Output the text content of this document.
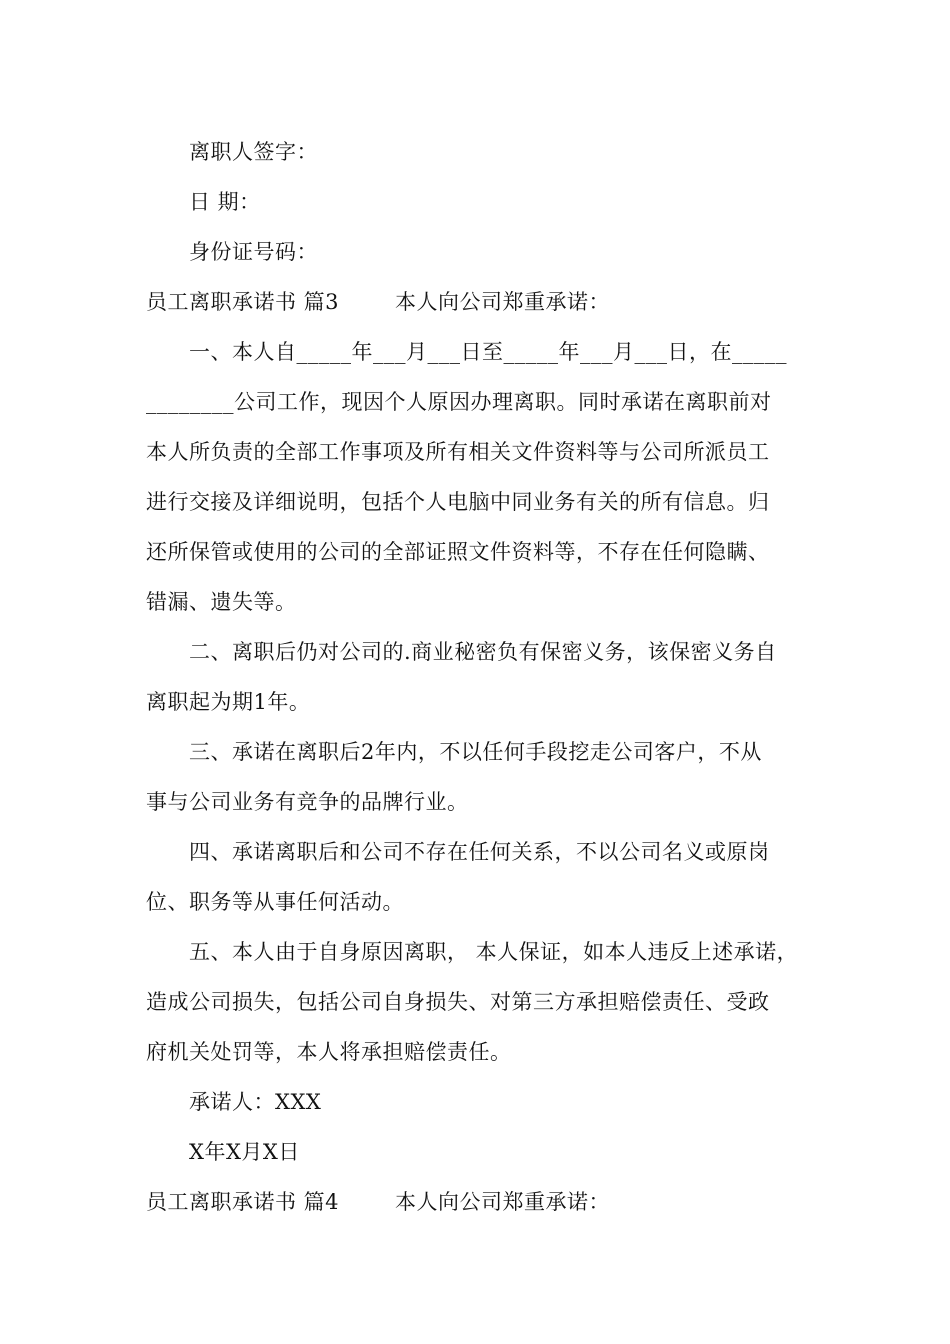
离职人签字：
日 期：
身份证号码：
员工离职承诺书 篇3	本人向公司郑重承诺：
一、本人自_____年___月___日至_____年___月___日，在_____
________公司工作，现因个人原因办理离职。同时承诺在离职前对
本人所负责的全部工作事项及所有相关文件资料等与公司所派员工
进行交接及详细说明，包括个人电脑中同业务有关的所有信息。归
还所保管或使用的公司的全部证照文件资料等，不存在任何隐瞒、
错漏、遗失等。
二、离职后仍对公司的.商业秘密负有保密义务，该保密义务自
离职起为期1年。
三、承诺在离职后2年内，不以任何手段挖走公司客户，不从
事与公司业务有竞争的品牌行业。
四、承诺离职后和公司不存在任何关系，不以公司名义或原岗
位、职务等从事任何活动。
五、本人由于自身原因离职， 本人保证，如本人违反上述承诺，
造成公司损失，包括公司自身损失、对第三方承担赔偿责任、受政
府机关处罚等，本人将承担赔偿责任。
承诺人：XXX
X年X月X日
员工离职承诺书 篇4	本人向公司郑重承诺：
